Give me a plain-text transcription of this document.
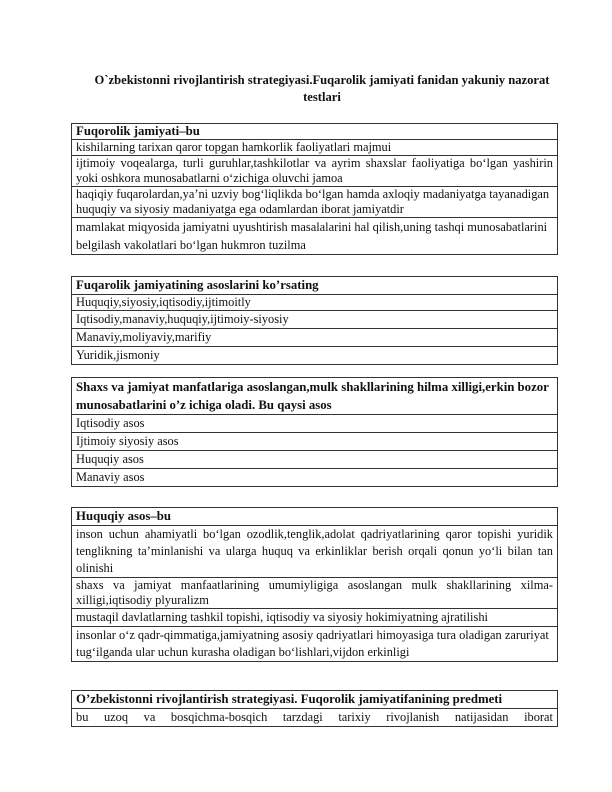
O`zbekistonni rivojlantirish strategiyasi.Fuqarolik jamiyati fanidan yakuniy nazorat testlari
Fuqorolik jamiyati–bu
kishilarning tarixan qaror topgan hamkorlik faoliyatlari majmui
ijtimoiy voqealarga, turli guruhlar,tashkilotlar va ayrim shaxslar faoliyatiga bo‘lgan yashirin yoki oshkora munosabatlarni o‘zichiga oluvchi jamoa
haqiqiy fuqarolardan,ya’ni uzviy bog‘liqlikda bo‘lgan hamda axloqiy madaniyatga tayanadigan huquqiy va siyosiy madaniyatga ega odamlardan iborat jamiyatdir
mamlakat miqyosida jamiyatni uyushtirish masalalarini hal qilish,uning tashqi munosabatlarini belgilash vakolatlari bo‘lgan hukmron tuzilma
Fuqarolik jamiyatining asoslarini ko’rsating
Huquqiy,siyosiy,iqtisodiy,ijtimoitly
Iqtisodiy,manaviy,huquqiy,ijtimoiy-siyosiy
Manaviy,moliyaviy,marifiy
Yuridik,jismoniy
Shaxs va jamiyat manfatlariga asoslangan,mulk shakllarining hilma xilligi,erkin bozor munosabatlarini o’z ichiga oladi. Bu qaysi asos
Iqtisodiy asos
Ijtimoiy siyosiy asos
Huquqiy asos
Manaviy asos
Huquqiy asos–bu
inson uchun ahamiyatli bo‘lgan ozodlik,tenglik,adolat qadriyatlarining qaror topishi yuridik tenglikning ta’minlanishi va ularga huquq va erkinliklar berish orqali qonun yo‘li bilan tan olinishi
shaxs va jamiyat manfaatlarining umumiyligiga asoslangan mulk shakllarining xilma-xilligi,iqtisodiy plyuralizm
mustaqil davlatlarning tashkil topishi, iqtisodiy va siyosiy hokimiyatning ajratilishi
insonlar o‘z qadr-qimmatiga,jamiyatning asosiy qadriyatlari himoyasiga tura oladigan zaruriyat tug‘ilganda ular uchun kurasha oladigan bo‘lishlari,vijdon erkinligi
O’zbekistonni rivojlantirish strategiyasi. Fuqorolik jamiyatifanining predmeti
bu uzoq va bosqichma-bosqich tarzdagi tarixiy rivojlanish natijasidan iborat
